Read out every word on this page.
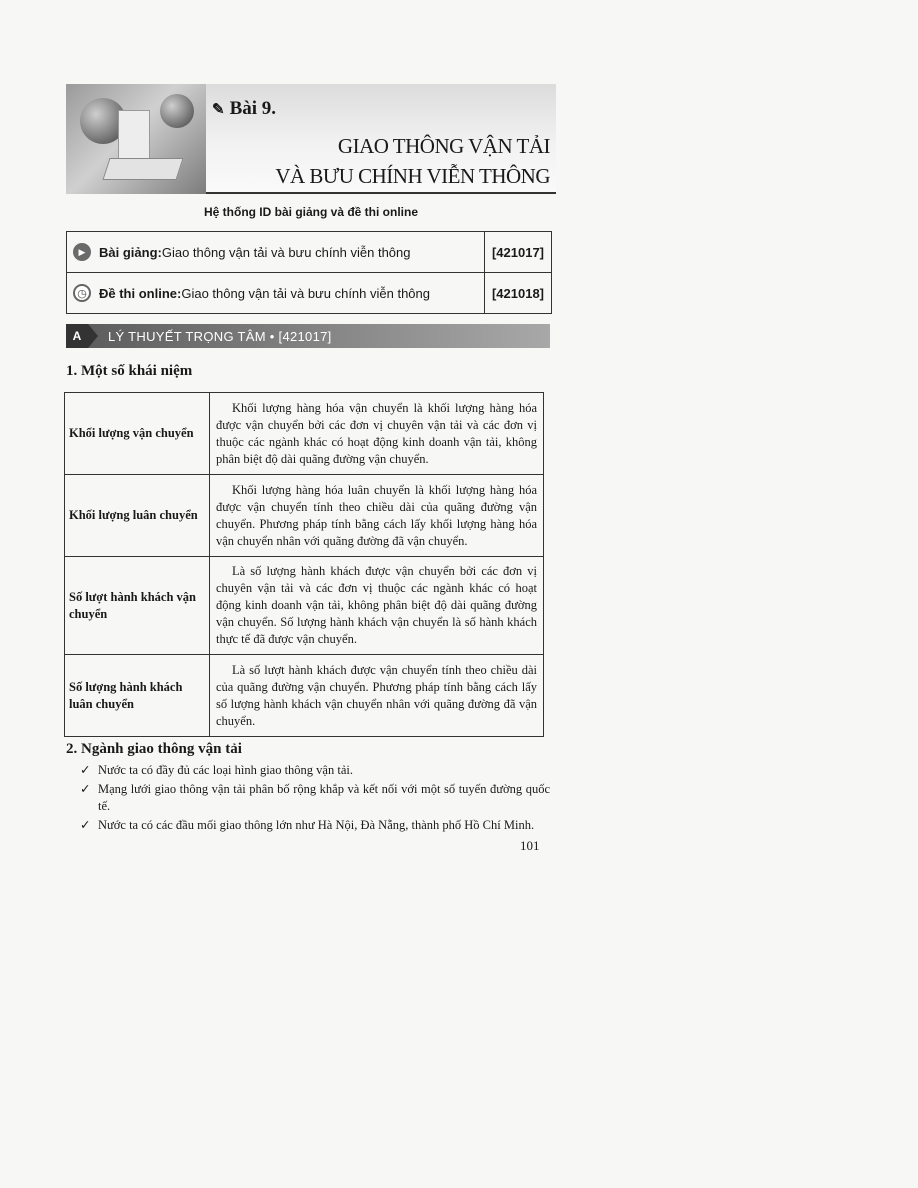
✎ Bài 9.
GIAO THÔNG VẬN TẢI
VÀ BƯU CHÍNH VIỄN THÔNG
Hệ thống ID bài giảng và đề thi online
▶	Bài giảng: Giao thông vận tải và bưu chính viễn thông	[421017]
◷ Đề thi online: Giao thông vận tải và bưu chính viễn thông	[421018]
A	LÝ THUYẾT TRỌNG TÂM • [421017]
1. Một số khái niệm
Khối lượng vận chuyển	Khối lượng hàng hóa vận chuyển là khối lượng hàng hóa được vận chuyển bởi các đơn vị chuyên vận tải và các đơn vị thuộc các ngành khác có hoạt động kinh doanh vận tải, không phân biệt độ dài quãng đường vận chuyển.
Khối lượng luân chuyển	Khối lượng hàng hóa luân chuyển là khối lượng hàng hóa được vận chuyển tính theo chiều dài của quãng đường vận chuyển. Phương pháp tính bằng cách lấy khối lượng hàng hóa vận chuyển nhân với quãng đường đã vận chuyển.
Số lượt hành khách vận chuyển	Là số lượng hành khách được vận chuyển bởi các đơn vị chuyên vận tải và các đơn vị thuộc các ngành khác có hoạt động kinh doanh vận tải, không phân biệt độ dài quãng đường vận chuyển. Số lượng hành khách vận chuyển là số hành khách thực tế đã được vận chuyển.
Số lượng hành khách luân chuyển	Là số lượt hành khách được vận chuyển tính theo chiều dài của quãng đường vận chuyển. Phương pháp tính bằng cách lấy số lượng hành khách vận chuyển nhân với quãng đường đã vận chuyển.
2. Ngành giao thông vận tải
✓ Nước ta có đầy đủ các loại hình giao thông vận tải.
✓ Mạng lưới giao thông vận tải phân bố rộng khắp và kết nối với một số tuyến đường quốc tế.
✓ Nước ta có các đầu mối giao thông lớn như Hà Nội, Đà Nẵng, thành phố Hồ Chí Minh.
101
